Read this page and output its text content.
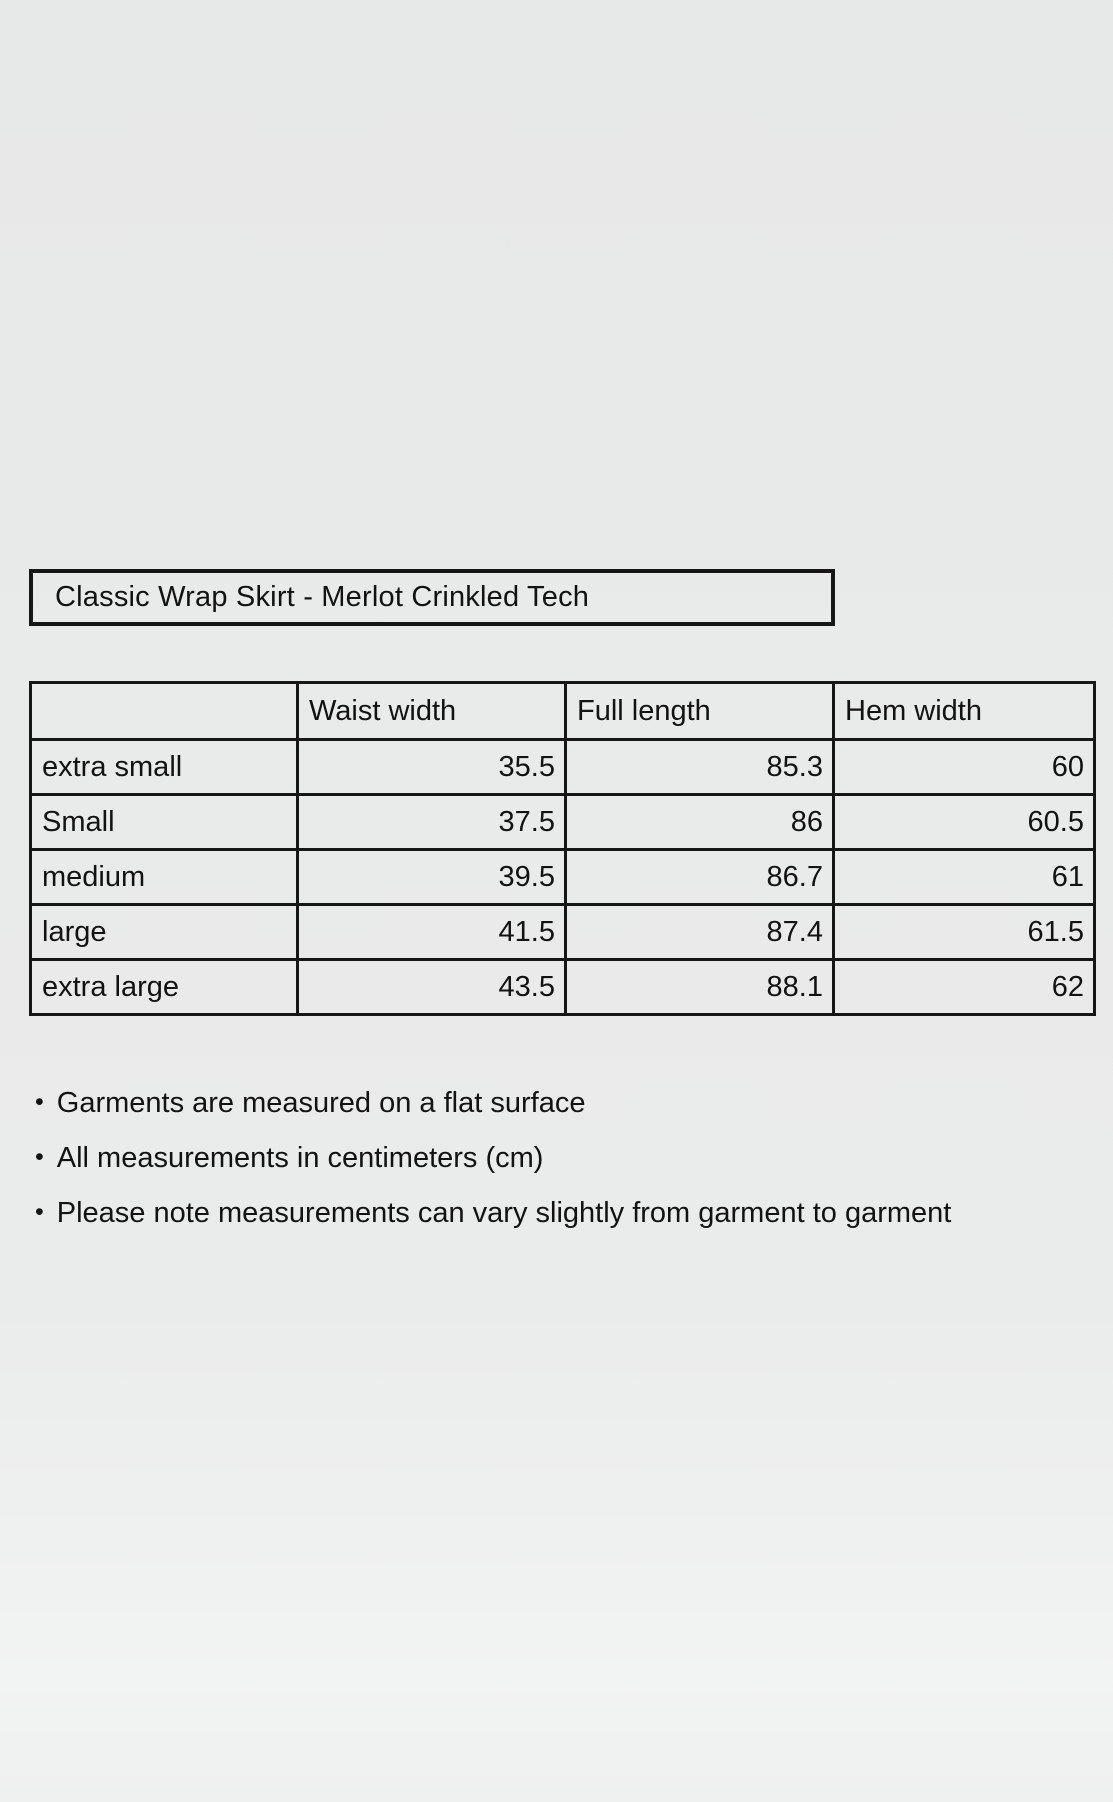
Classic Wrap Skirt - Merlot Crinkled Tech
	Waist width	Full length	Hem width
extra small	35.5	85.3	60
Small	37.5	86	60.5
medium	39.5	86.7	61
large	41.5	87.4	61.5
extra large	43.5	88.1	62
• Garments are measured on a flat surface
• All measurements in centimeters (cm)
• Please note measurements can vary slightly from garment to garment
